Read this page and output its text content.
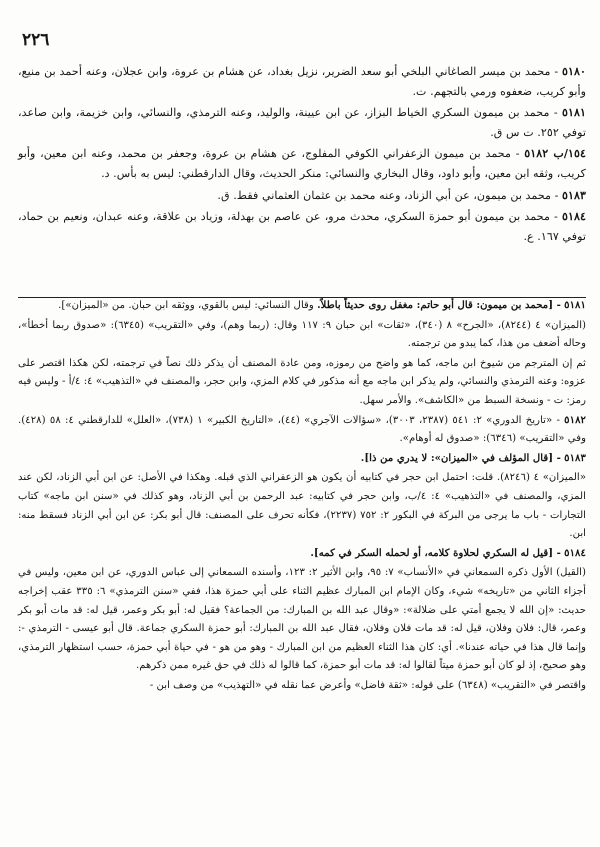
٢٢٦

٥١٨٠ - محمد بن ميسر الصاغاني البلخي أبو سعد الضرير، نزيل بغداد، عن هشام بن عروة، وابن عجلان، وعنه أحمد بن منيع، وأبو كريب، ضعفوه ورمي بالتجهم. ت.

٥١٨١ - محمد بن ميمون السكري الخياط البزاز، عن ابن عيينة، والوليد، وعنه الترمذي، والنسائي، وابن خزيمة، وابن صاعد، توفي ٢٥٢. ت س ق.

١٥٤/ب ٥١٨٢ - محمد بن ميمون الزعفراني الكوفي المفلوج، عن هشام بن عروة، وجعفر بن محمد، وعنه ابن معين، وأبو كريب، وثقه ابن معين، وأبو داود، وقال البخاري والنسائي: منكر الحديث، وقال الدارقطني: ليس به بأس. د.

٥١٨٣ - محمد بن ميمون، عن أبي الزناد، وعنه محمد بن عثمان العثماني فقط. ق.

٥١٨٤ - محمد بن ميمون أبو حمزة السكري، محدث مرو، عن عاصم بن بهدلة، وزياد بن علاقة، وعنه عبدان، ونعيم بن حماد، توفي ١٦٧. ع.

٥١٨١ - [محمد بن ميمون: قال أبو حاتم: مغفل روى حديثاً باطلاً. وقال النسائي: ليس بالقوي، ووثقه ابن حبان. من «الميزان»].

(الميزان» ٤ (٨٢٤٤)، «الجرح» ٨ (٣٤٠)، «ثقات» ابن حبان ٩: ١١٧ وقال: (ربما وهم)، وفي «التقريب» (٦٣٤٥): «صدوق ربما أخطأ»، وحاله أضعف من هذا، كما يبدو من ترجمته.

ثم إن المترجم من شيوخ ابن ماجه، كما هو واضح من رموزه، ومن عادة المصنف أن يذكر ذلك نصاً في ترجمته، لكن هكذا اقتصر على عزوه: وعنه الترمذي والنسائي، ولم يذكر ابن ماجه مع أنه مذكور في كلام المزي، وابن حجر، والمصنف في «التذهيب» ٤: ٤/أ - وليس فيه رمز: ت - ونسخة السبط من «الكاشف». والأمر سهل.

٥١٨٢ - «تاريخ الدوري» ٢: ٥٤١ (٢٣٨٧، ٣٠٠٣)، «سؤالات الآجري» (٤٤)، «التاريخ الكبير» ١ (٧٣٨)، «العلل» للدارقطني ٤: ٥٨ (٤٢٨). وفي «التقريب» (٦٣٤٦): «صدوق له أوهام».

٥١٨٣ - [قال المؤلف في «الميزان»: لا يدري من ذا].

«الميزان» ٤ (٨٢٤٦). قلت: احتمل ابن حجر في كتابيه أن يكون هو الزعفراني الذي قبله. وهكذا في الأصل: عن ابن أبي الزناد، لكن عند المزي، والمصنف في «التذهيب» ٤: ٤/ب، وابن حجر في كتابيه: عبد الرحمن بن أبي الزناد، وهو كذلك في «سنن ابن ماجه» كتاب التجارات - باب ما يرجى من البركة في البكور ٢: ٧٥٢ (٢٢٣٧)، فكأنه تحرف على المصنف: قال أبو بكر: عن ابن أبي الزناد فسقط منه: ابن.

٥١٨٤ - [قيل له السكري لحلاوة كلامه، أو لحمله السكر في كمه].

(القيل) الأول ذكره السمعاني في «الأنساب» ٧: ٩٥، وابن الأثير ٢: ١٢٣، وأسنده السمعاني إلى عباس الدوري، عن ابن معين، وليس في أجزاء الثاني من «تاريخه» شيء، وكان الإمام ابن المبارك عظيم الثناء على أبي حمزة هذا، ففي «سنن الترمذي» ٦: ٣٣٥ عقب إخراجه حديث: «إن الله لا يجمع أمتي على ضلالة»: «وقال عبد الله بن المبارك: من الجماعة؟ فقيل له: أبو بكر وعمر، قيل له: قد مات أبو بكر وعمر، قال: فلان وفلان، قيل له: قد مات فلان وفلان، فقال عبد الله بن المبارك: أبو حمزة السكري جماعة. قال أبو عيسى - الترمذي -: وإنما قال هذا في حياته عندنا». أي: كان هذا الثناء العظيم من ابن المبارك - وهو من هو - في حياة أبي حمزة، حسب استظهار الترمذي، وهو صحيح، إذ لو كان أبو حمزة ميتاً لقالوا له: قد مات أبو حمزة، كما قالوا له ذلك في حق غيره ممن ذكرهم.

واقتصر في «التقريب» (٦٣٤٨) على قوله: «ثقة فاضل» وأعرض عما نقله في «التهذيب» من وصف ابن -
